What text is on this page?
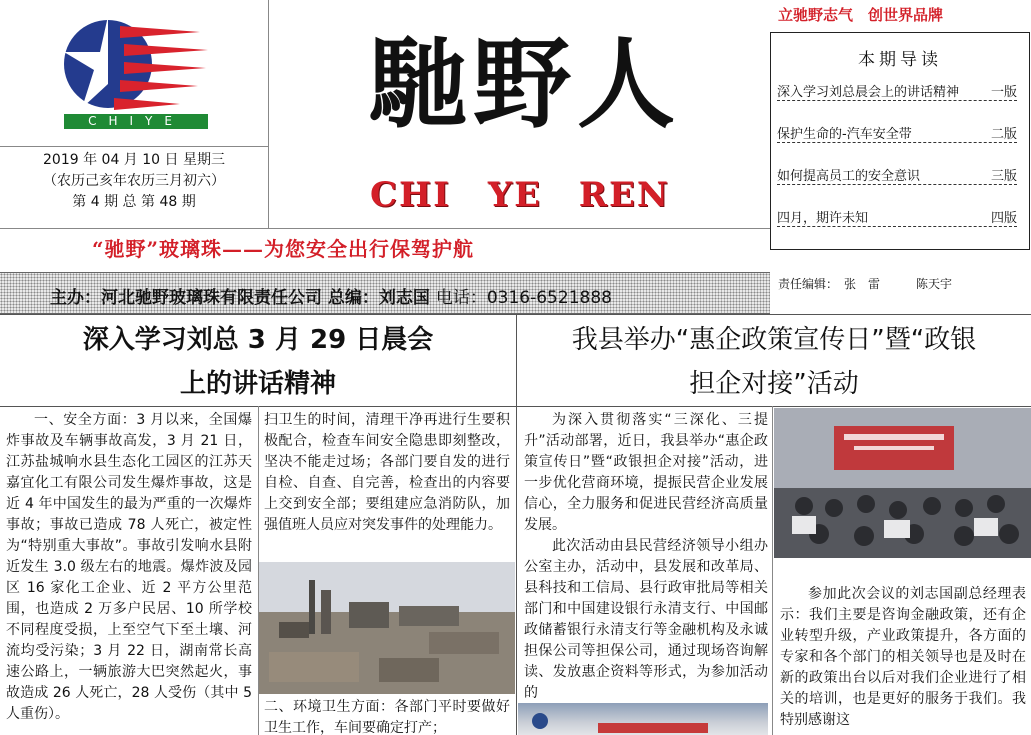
CHIYE
2019 年 04 月 10 日 星期三
（农历己亥年农历三月初六）
第 4 期 总 第 48 期
馳野人
CHI YE REN
立驰野志气　创世界品牌
“驰野”玻璃珠——为您安全出行保驾护航
本期导读
深入学习刘总晨会上的讲话精神 一版
保护生命的-汽车安全带	二版
如何提高员工的安全意识	三版
四月，期许未知	四版
主办：河北驰野玻璃珠有限责任公司 总编：刘志国 电话：0316-6521888
责任编辑：　张　雷　　　陈天宇
深入学习刘总 3 月 29 日晨会
上的讲话精神

一、安全方面：3 月以来，全国爆炸事故及车辆事故高发，3 月 21 日，江苏盐城响水县生态化工园区的江苏天嘉宜化工有限公司发生爆炸事故，这是近 4 年中国发生的最为严重的一次爆炸事故；事故已造成 78 人死亡，被定性为“特别重大事故”。事故引发响水县附近发生 3.0 级左右的地震。爆炸波及园区 16 家化工企业、近 2 平方公里范围，也造成 2 万多户民居、10 所学校不同程度受损，上至空气下至土壤、河流均受污染；3 月 22 日，湖南常长高速公路上，一辆旅游大巴突然起火，事故造成 26 人死亡，28 人受伤（其中 5 人重伤）。

扫卫生的时间，清理干净再进行生要积极配合，检查车间安全隐患即刻整改，坚决不能走过场；各部门要自发的进行自检、自查、自完善，检查出的内容要上交到安全部；要组建应急消防队，加强值班人员应对突发事件的处理能力。

二、环境卫生方面：各部门平时要做好卫生工作，车间要确定打产；

我县举办“惠企政策宣传日”暨“政银
担企对接”活动

为深入贯彻落实“三深化、三提升”活动部署，近日，我县举办“惠企政策宣传日”暨“政银担企对接”活动，进一步优化营商环境，提振民营企业发展信心，全力服务和促进民营经济高质量发展。

此次活动由县民营经济领导小组办公室主办，活动中，县发展和改革局、县科技和工信局、县行政审批局等相关部门和中国建设银行永清支行、中国邮政储蓄银行永清支行等金融机构及永诚担保公司等担保公司，通过现场咨询解读、发放惠企资料等形式，为参加活动的

参加此次会议的刘志国副总经理表示：我们主要是咨询金融政策，还有企业转型升级，产业政策提升，各方面的专家和各个部门的相关领导也是及时在新的政策出台以后对我们企业进行了相关的培训，也是更好的服务于我们。我特别感谢这
